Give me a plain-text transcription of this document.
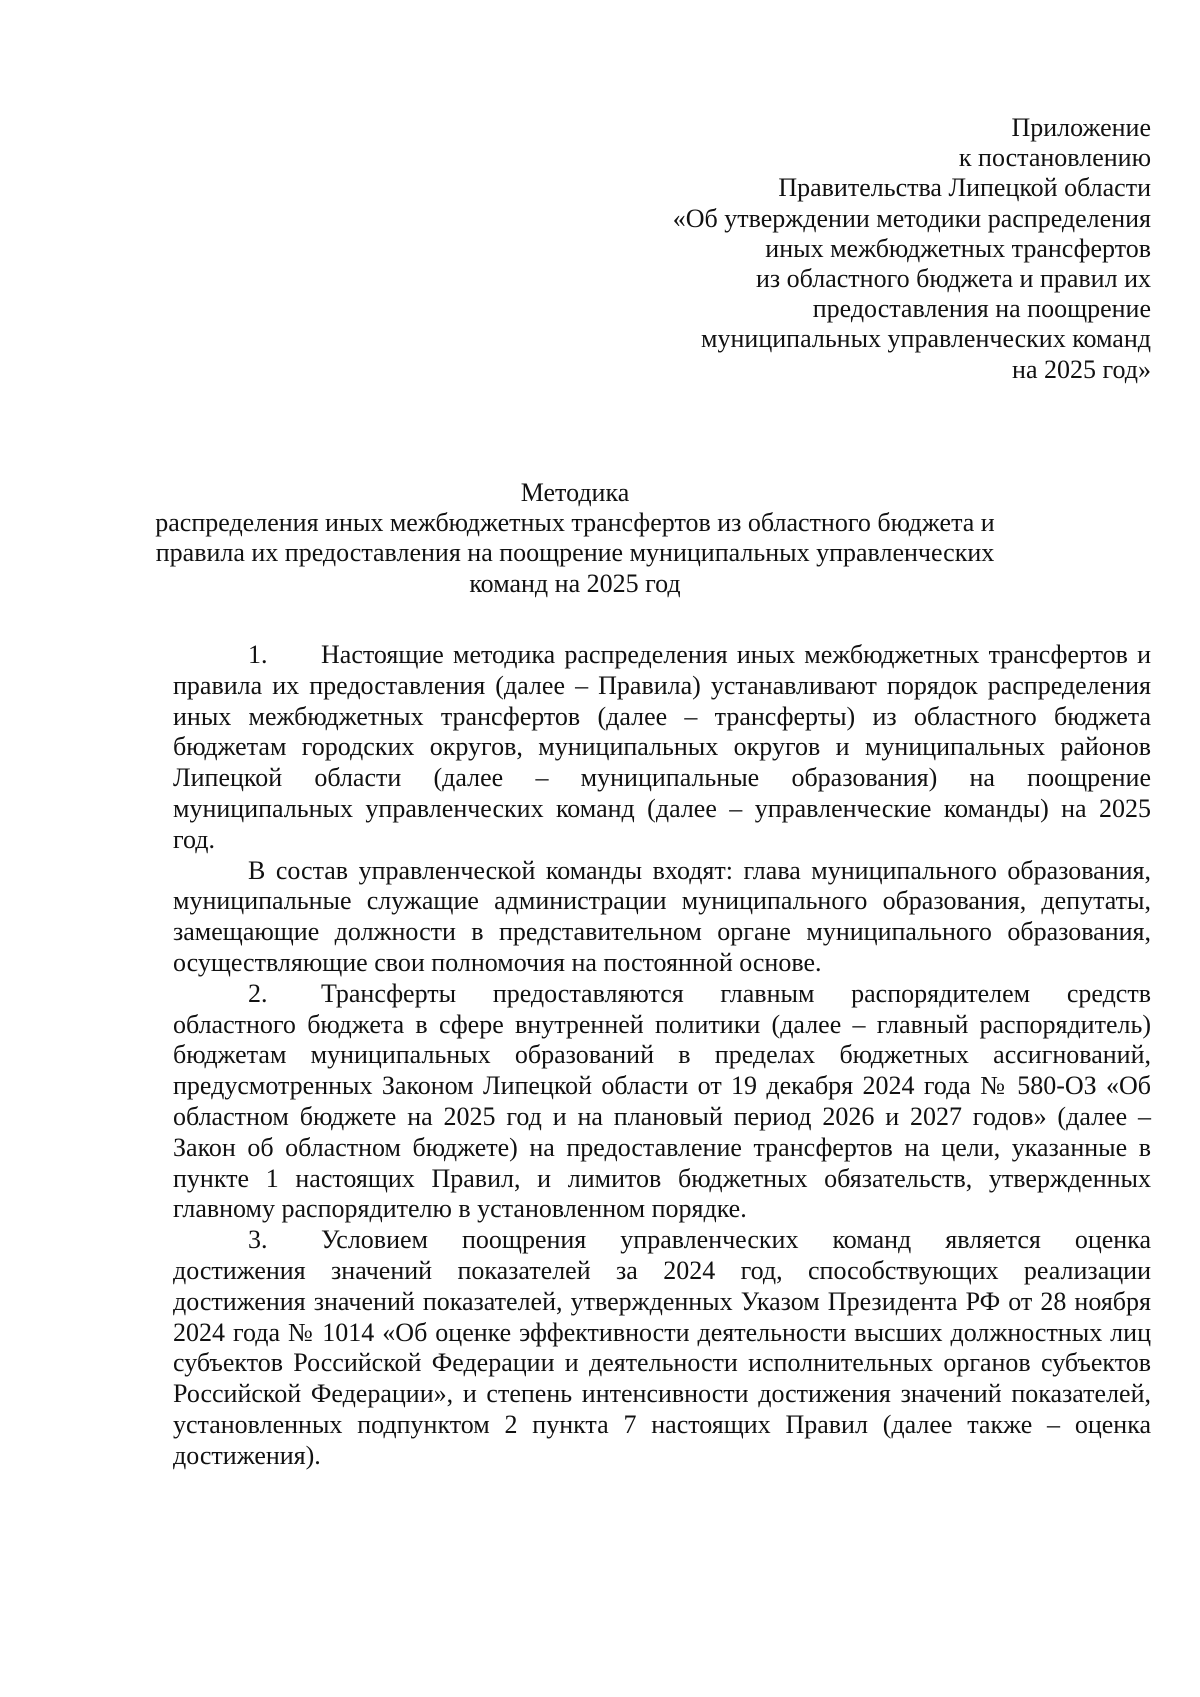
Приложение
к постановлению
Правительства Липецкой области
«Об утверждении методики распределения
иных межбюджетных трансфертов
из областного бюджета и правил их
предоставления на поощрение
муниципальных управленческих команд
на 2025 год»
Методика
распределения иных межбюджетных трансфертов из областного бюджета и
правила их предоставления на поощрение муниципальных управленческих
команд на 2025 год

1. Настоящие методика распределения иных межбюджетных трансфертов и правила их предоставления (далее – Правила) устанавливают порядок распределения иных межбюджетных трансфертов (далее – трансферты) из областного бюджета бюджетам городских округов, муниципальных округов и муниципальных районов Липецкой области (далее – муниципальные образования) на поощрение муниципальных управленческих команд (далее – управленческие команды) на 2025 год.

В состав управленческой команды входят: глава муниципального образования, муниципальные служащие администрации муниципального образования, депутаты, замещающие должности в представительном органе муниципального образования, осуществляющие свои полномочия на постоянной основе.

2. Трансферты предоставляются главным распорядителем средств областного бюджета в сфере внутренней политики (далее – главный распорядитель) бюджетам муниципальных образований в пределах бюджетных ассигнований, предусмотренных Законом Липецкой области от 19 декабря 2024 года № 580-ОЗ «Об областном бюджете на 2025 год и на плановый период 2026 и 2027 годов» (далее – Закон об областном бюджете) на предоставление трансфертов на цели, указанные в пункте 1 настоящих Правил, и лимитов бюджетных обязательств, утвержденных главному распорядителю в установленном порядке.

3. Условием поощрения управленческих команд является оценка достижения значений показателей за 2024 год, способствующих реализации достижения значений показателей, утвержденных Указом Президента РФ от 28 ноября 2024 года № 1014 «Об оценке эффективности деятельности высших должностных лиц субъектов Российской Федерации и деятельности исполнительных органов субъектов Российской Федерации», и степень интенсивности достижения значений показателей, установленных подпунктом 2 пункта 7 настоящих Правил (далее также – оценка достижения).
